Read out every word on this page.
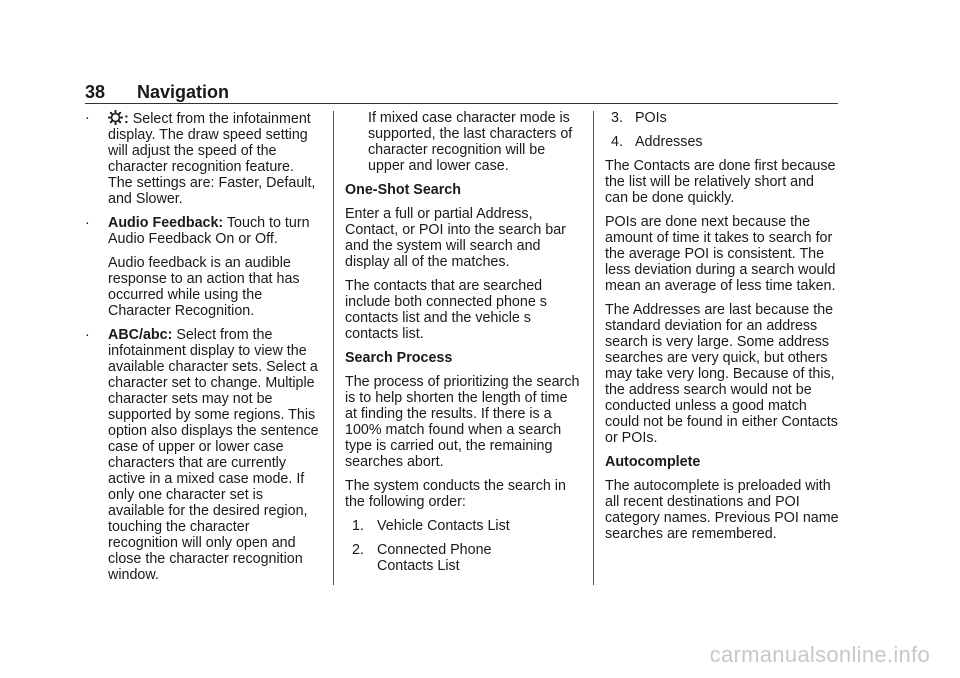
38 Navigation
·	: Select from the infotainment display. The draw speed setting will adjust the speed of the character recognition feature. The settings are: Faster, Default, and Slower.

·	Audio Feedback: Touch to turn Audio Feedback On or Off.

Audio feedback is an audible response to an action that has occurred while using the Character Recognition.

·	ABC/abc: Select from the infotainment display to view the available character sets. Select a character set to change. Multiple character sets may not be supported by some regions. This option also displays the sentence case of upper or lower case characters that are currently active in a mixed case mode. If only one character set is available for the desired region, touching the character recognition will only open and close the character recognition window.

If mixed case character mode is supported, the last characters of character recognition will be upper and lower case.

One-Shot Search

Enter a full or partial Address, Contact, or POI into the search bar and the system will search and display all of the matches.

The contacts that are searched include both connected phone s contacts list and the vehicle s contacts list.

Search Process

The process of prioritizing the search is to help shorten the length of time at finding the results. If there is a 100% match found when a search type is carried out, the remaining searches abort.

The system conducts the search in the following order:

1. Vehicle Contacts List
2. Connected Phone Contacts List
3. POIs
4. Addresses

The Contacts are done first because the list will be relatively short and can be done quickly.

POIs are done next because the amount of time it takes to search for the average POI is consistent. The less deviation during a search would mean an average of less time taken.

The Addresses are last because the standard deviation for an address search is very large. Some address searches are very quick, but others may take very long. Because of this, the address search would not be conducted unless a good match could not be found in either Contacts or POIs.

Autocomplete

The autocomplete is preloaded with all recent destinations and POI category names. Previous POI name searches are remembered.

carmanualsonline.info
